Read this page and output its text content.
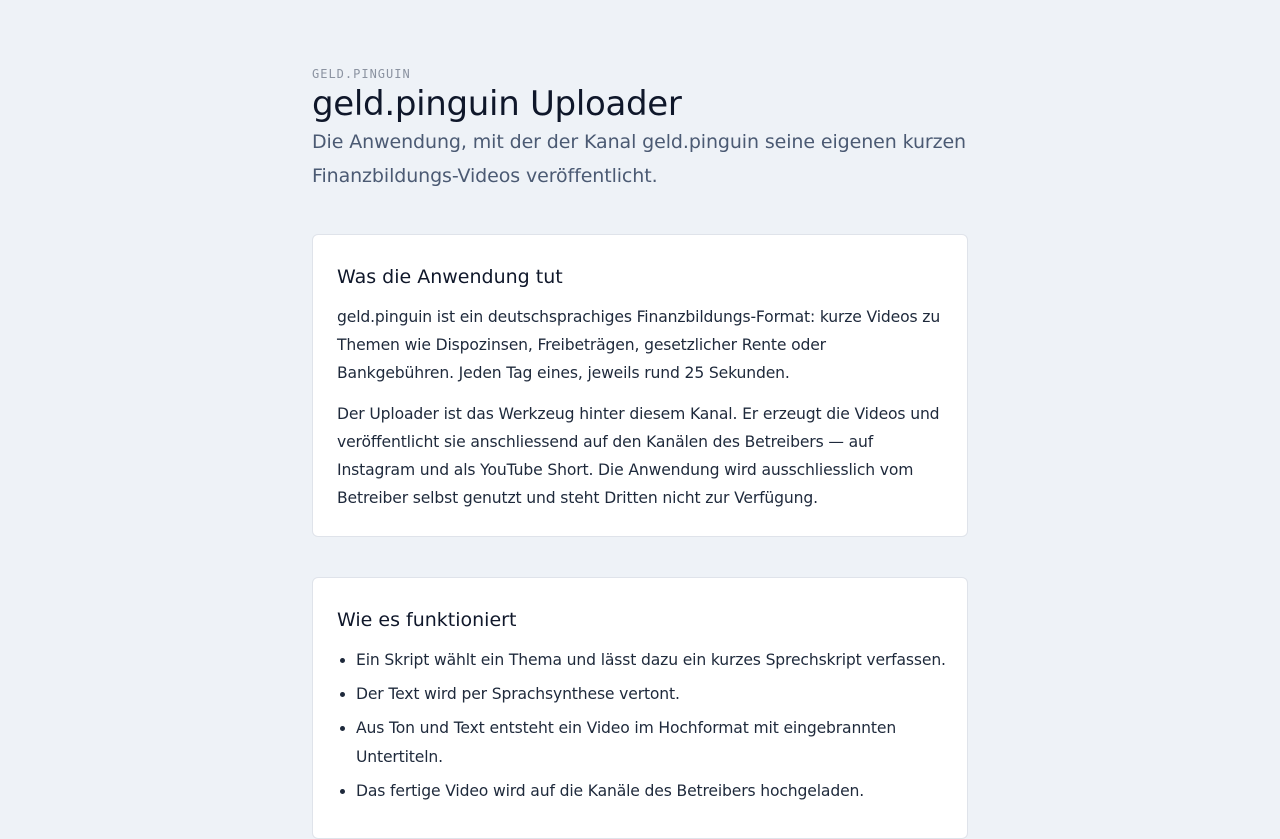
GELD.PINGUIN
geld.pinguin Uploader

Die Anwendung, mit der der Kanal geld.pinguin seine eigenen kurzen Finanzbildungs-Videos veröffentlicht.

Was die Anwendung tut

geld.pinguin ist ein deutschsprachiges Finanzbildungs-Format: kurze Videos zu Themen wie Dispozinsen, Freibeträgen, gesetzlicher Rente oder Bankgebühren. Jeden Tag eines, jeweils rund 25 Sekunden.

Der Uploader ist das Werkzeug hinter diesem Kanal. Er erzeugt die Videos und veröffentlicht sie anschliessend auf den Kanälen des Betreibers — auf Instagram und als YouTube Short. Die Anwendung wird ausschliesslich vom Betreiber selbst genutzt und steht Dritten nicht zur Verfügung.

Wie es funktioniert
• Ein Skript wählt ein Thema und lässt dazu ein kurzes Sprechskript verfassen.
• Der Text wird per Sprachsynthese vertont.
• Aus Ton und Text entsteht ein Video im Hochformat mit eingebrannten Untertiteln.
• Das fertige Video wird auf die Kanäle des Betreibers hochgeladen.
